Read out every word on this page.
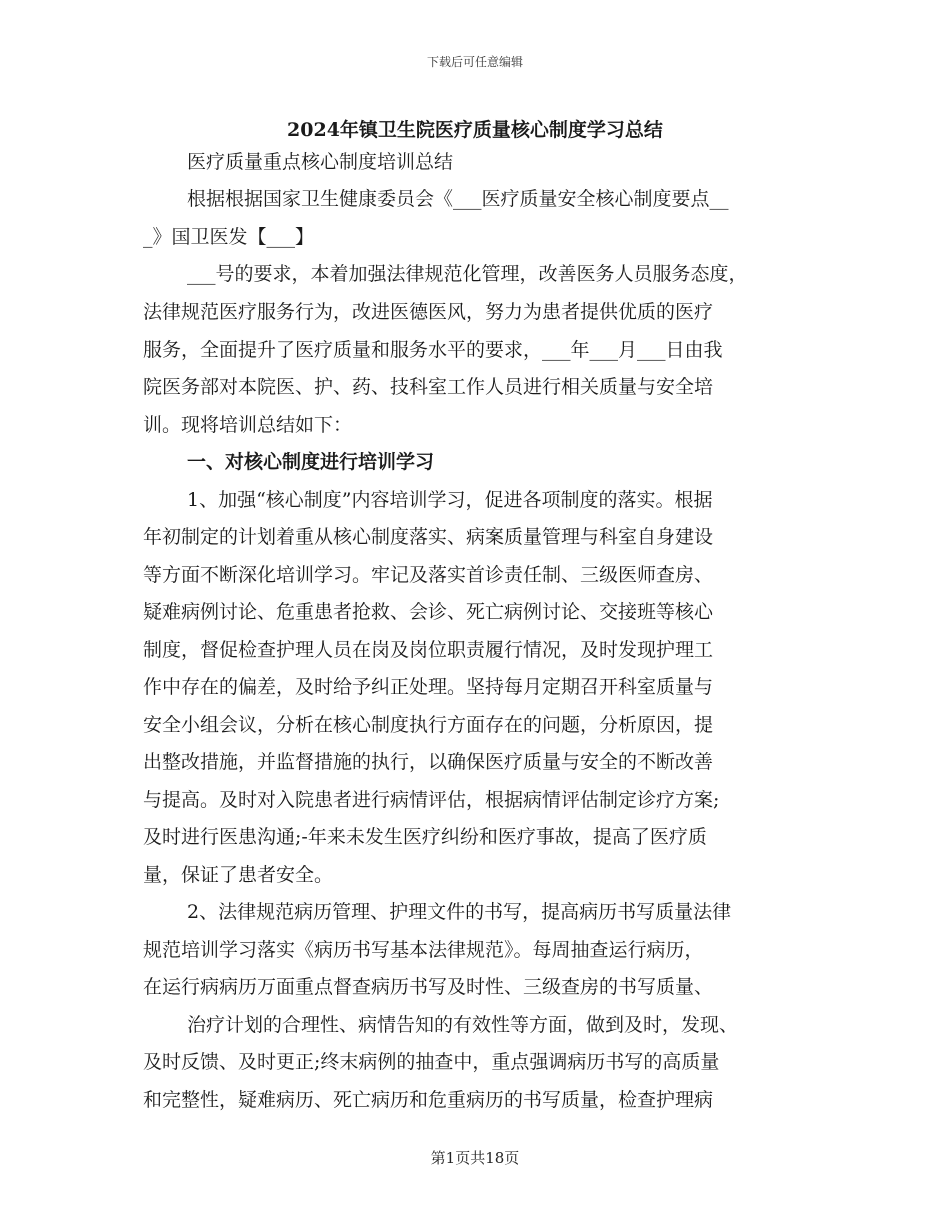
下载后可任意编辑
2024年镇卫生院医疗质量核心制度学习总结
医疗质量重点核心制度培训总结
根据根据国家卫生健康委员会《___医疗质量安全核心制度要点__
_》国卫医发【___】
___号的要求，本着加强法律规范化管理，改善医务人员服务态度，
法律规范医疗服务行为，改进医德医风，努力为患者提供优质的医疗
服务，全面提升了医疗质量和服务水平的要求，___年___月___日由我
院医务部对本院医、护、药、技科室工作人员进行相关质量与安全培
训。现将培训总结如下：
一、对核心制度进行培训学习
1、加强“核心制度”内容培训学习，促进各项制度的落实。根据
年初制定的计划着重从核心制度落实、病案质量管理与科室自身建设
等方面不断深化培训学习。牢记及落实首诊责任制、三级医师查房、
疑难病例讨论、危重患者抢救、会诊、死亡病例讨论、交接班等核心
制度，督促检查护理人员在岗及岗位职责履行情况，及时发现护理工
作中存在的偏差，及时给予纠正处理。坚持每月定期召开科室质量与
安全小组会议，分析在核心制度执行方面存在的问题，分析原因，提
出整改措施，并监督措施的执行，以确保医疗质量与安全的不断改善
与提高。及时对入院患者进行病情评估，根据病情评估制定诊疗方案;
及时进行医患沟通;-年来未发生医疗纠纷和医疗事故，提高了医疗质
量，保证了患者安全。
2、法律规范病历管理、护理文件的书写，提高病历书写质量法律
规范培训学习落实《病历书写基本法律规范》。每周抽查运行病历，
在运行病病历万面重点督查病历书写及时性、三级查房的书写质量、
治疗计划的合理性、病情告知的有效性等方面，做到及时，发现、
及时反馈、及时更正;终末病例的抽查中，重点强调病历书写的高质量
和完整性，疑难病历、死亡病历和危重病历的书写质量，检查护理病
第1页共18页
